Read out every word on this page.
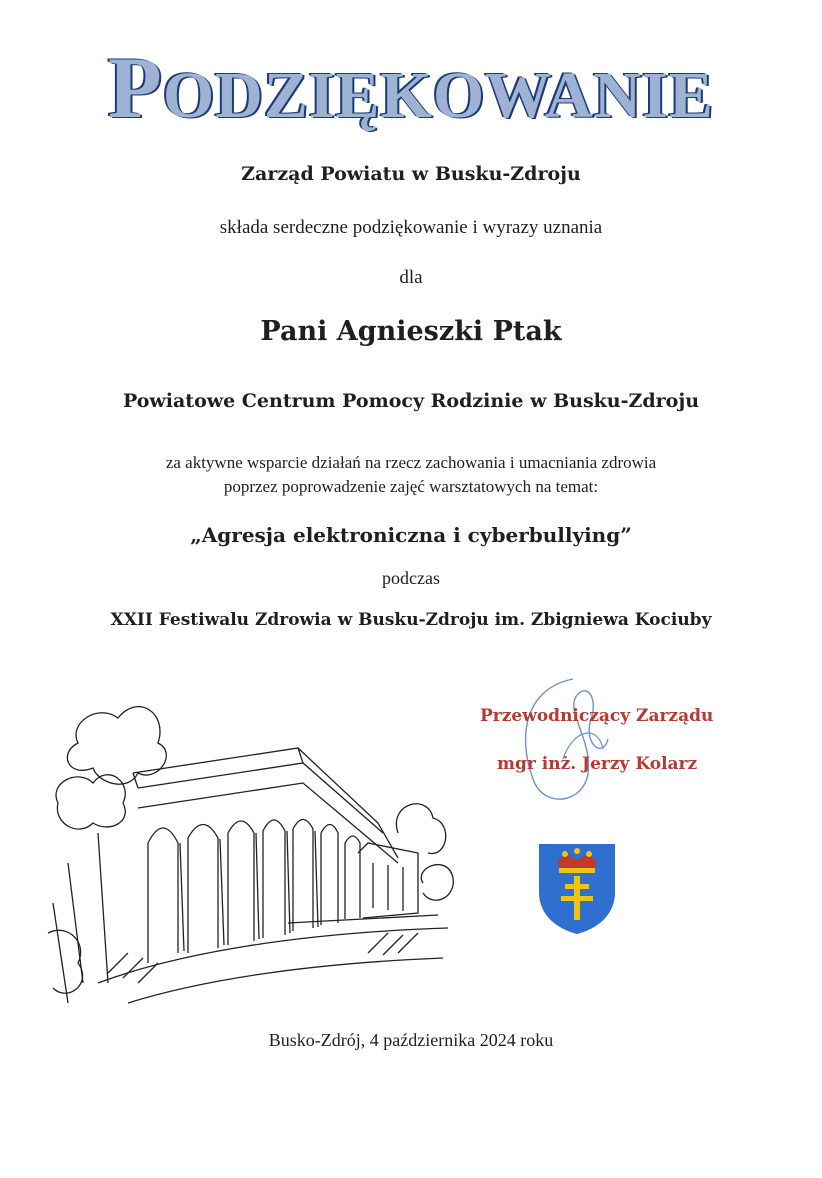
PODZIĘKOWANIE
Zarząd Powiatu w Busku-Zdroju
składa serdeczne podziękowanie i wyrazy uznania
dla
Pani Agnieszki Ptak
Powiatowe Centrum Pomocy Rodzinie w Busku-Zdroju
za aktywne wsparcie działań na rzecz zachowania i umacniania zdrowia
poprzez poprowadzenie zajęć warsztatowych na temat:
„Agresja elektroniczna i cyberbullying”
podczas
XXII Festiwalu Zdrowia w Busku-Zdroju im. Zbigniewa Kociuby
Przewodniczący Zarządu
mgr inż. Jerzy Kolarz
Busko-Zdrój, 4 października 2024 roku
